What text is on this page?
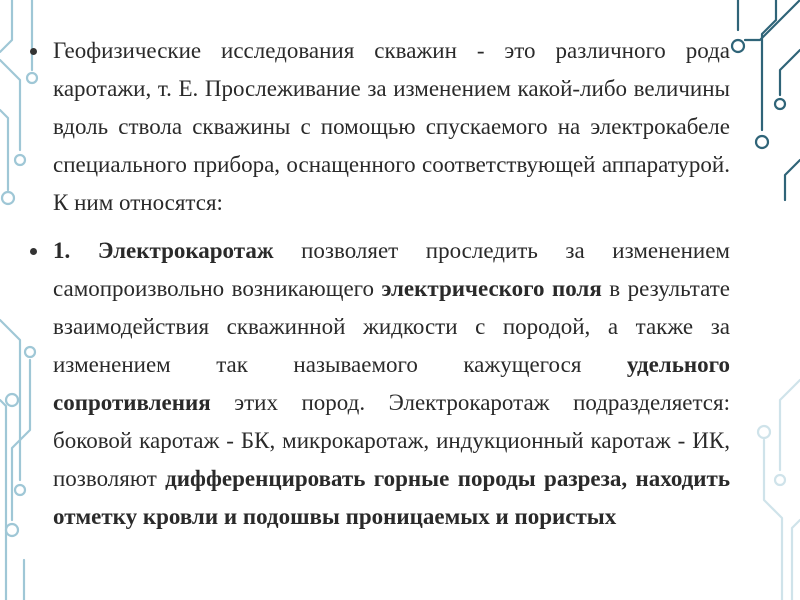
Геофизические исследования скважин - это различного рода каротажи, т. Е. Прослеживание за изменением какой-либо величины вдоль ствола скважины с помощью спускаемого на электрокабеле специального прибора, оснащенного соответствующей аппаратурой. К ним относятся:
1. Электрокаротаж позволяет проследить за изменением самопроизвольно возникающего электрического поля в результате взаимодействия скважинной жидкости с породой, а также за изменением так называемого кажущегося удельного сопротивления этих пород. Электрокаротаж подразделяется: боковой каротаж - БК, микрокаротаж, индукционный каротаж - ИК, позволяют дифференцировать горные породы разреза, находить отметку кровли и подошвы проницаемых и пористых
